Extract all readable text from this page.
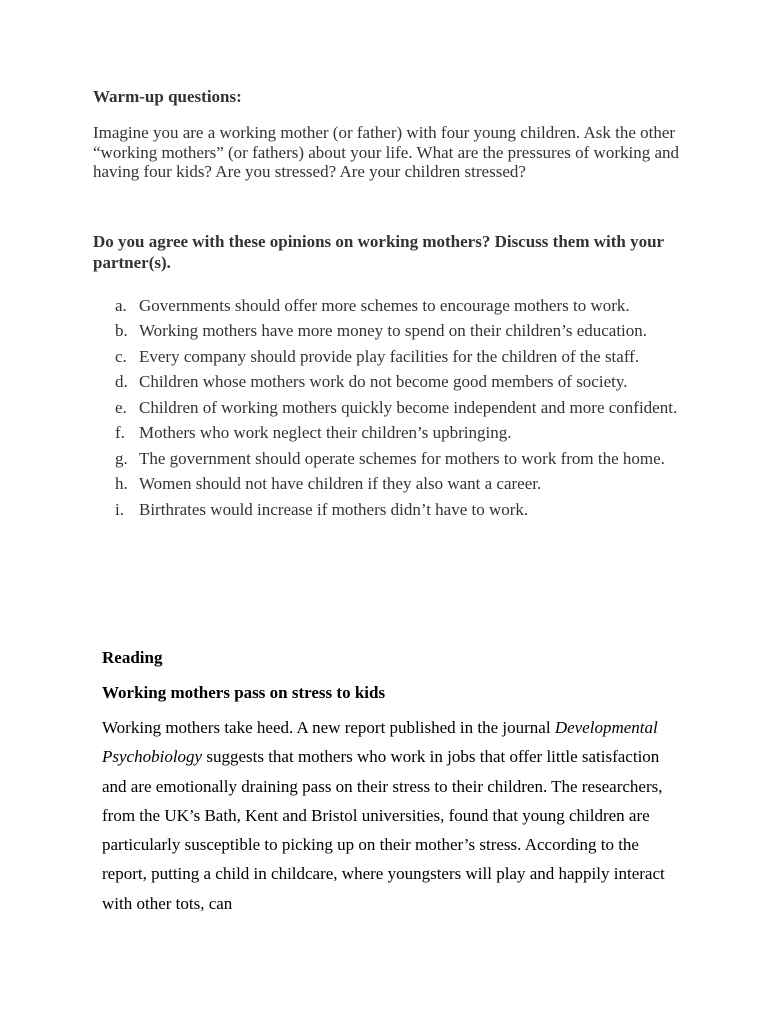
Warm-up questions:

Imagine you are a working mother (or father) with four young children. Ask the other “working mothers” (or fathers) about your life. What are the pressures of working and having four kids? Are you stressed? Are your children stressed?

Do you agree with these opinions on working mothers? Discuss them with your partner(s).

a. Governments should offer more schemes to encourage mothers to work.
b. Working mothers have more money to spend on their children’s education.
c. Every company should provide play facilities for the children of the staff.
d. Children whose mothers work do not become good members of society.
e. Children of working mothers quickly become independent and more confident.
f. Mothers who work neglect their children’s upbringing.
g. The government should operate schemes for mothers to work from the home.
h. Women should not have children if they also want a career.
i. Birthrates would increase if mothers didn’t have to work.

Reading

Working mothers pass on stress to kids

Working mothers take heed. A new report published in the journal Developmental Psychobiology suggests that mothers who work in jobs that offer little satisfaction and are emotionally draining pass on their stress to their children. The researchers, from the UK’s Bath, Kent and Bristol universities, found that young children are particularly susceptible to picking up on their mother’s stress. According to the report, putting a child in childcare, where youngsters will play and happily interact with other tots, can
